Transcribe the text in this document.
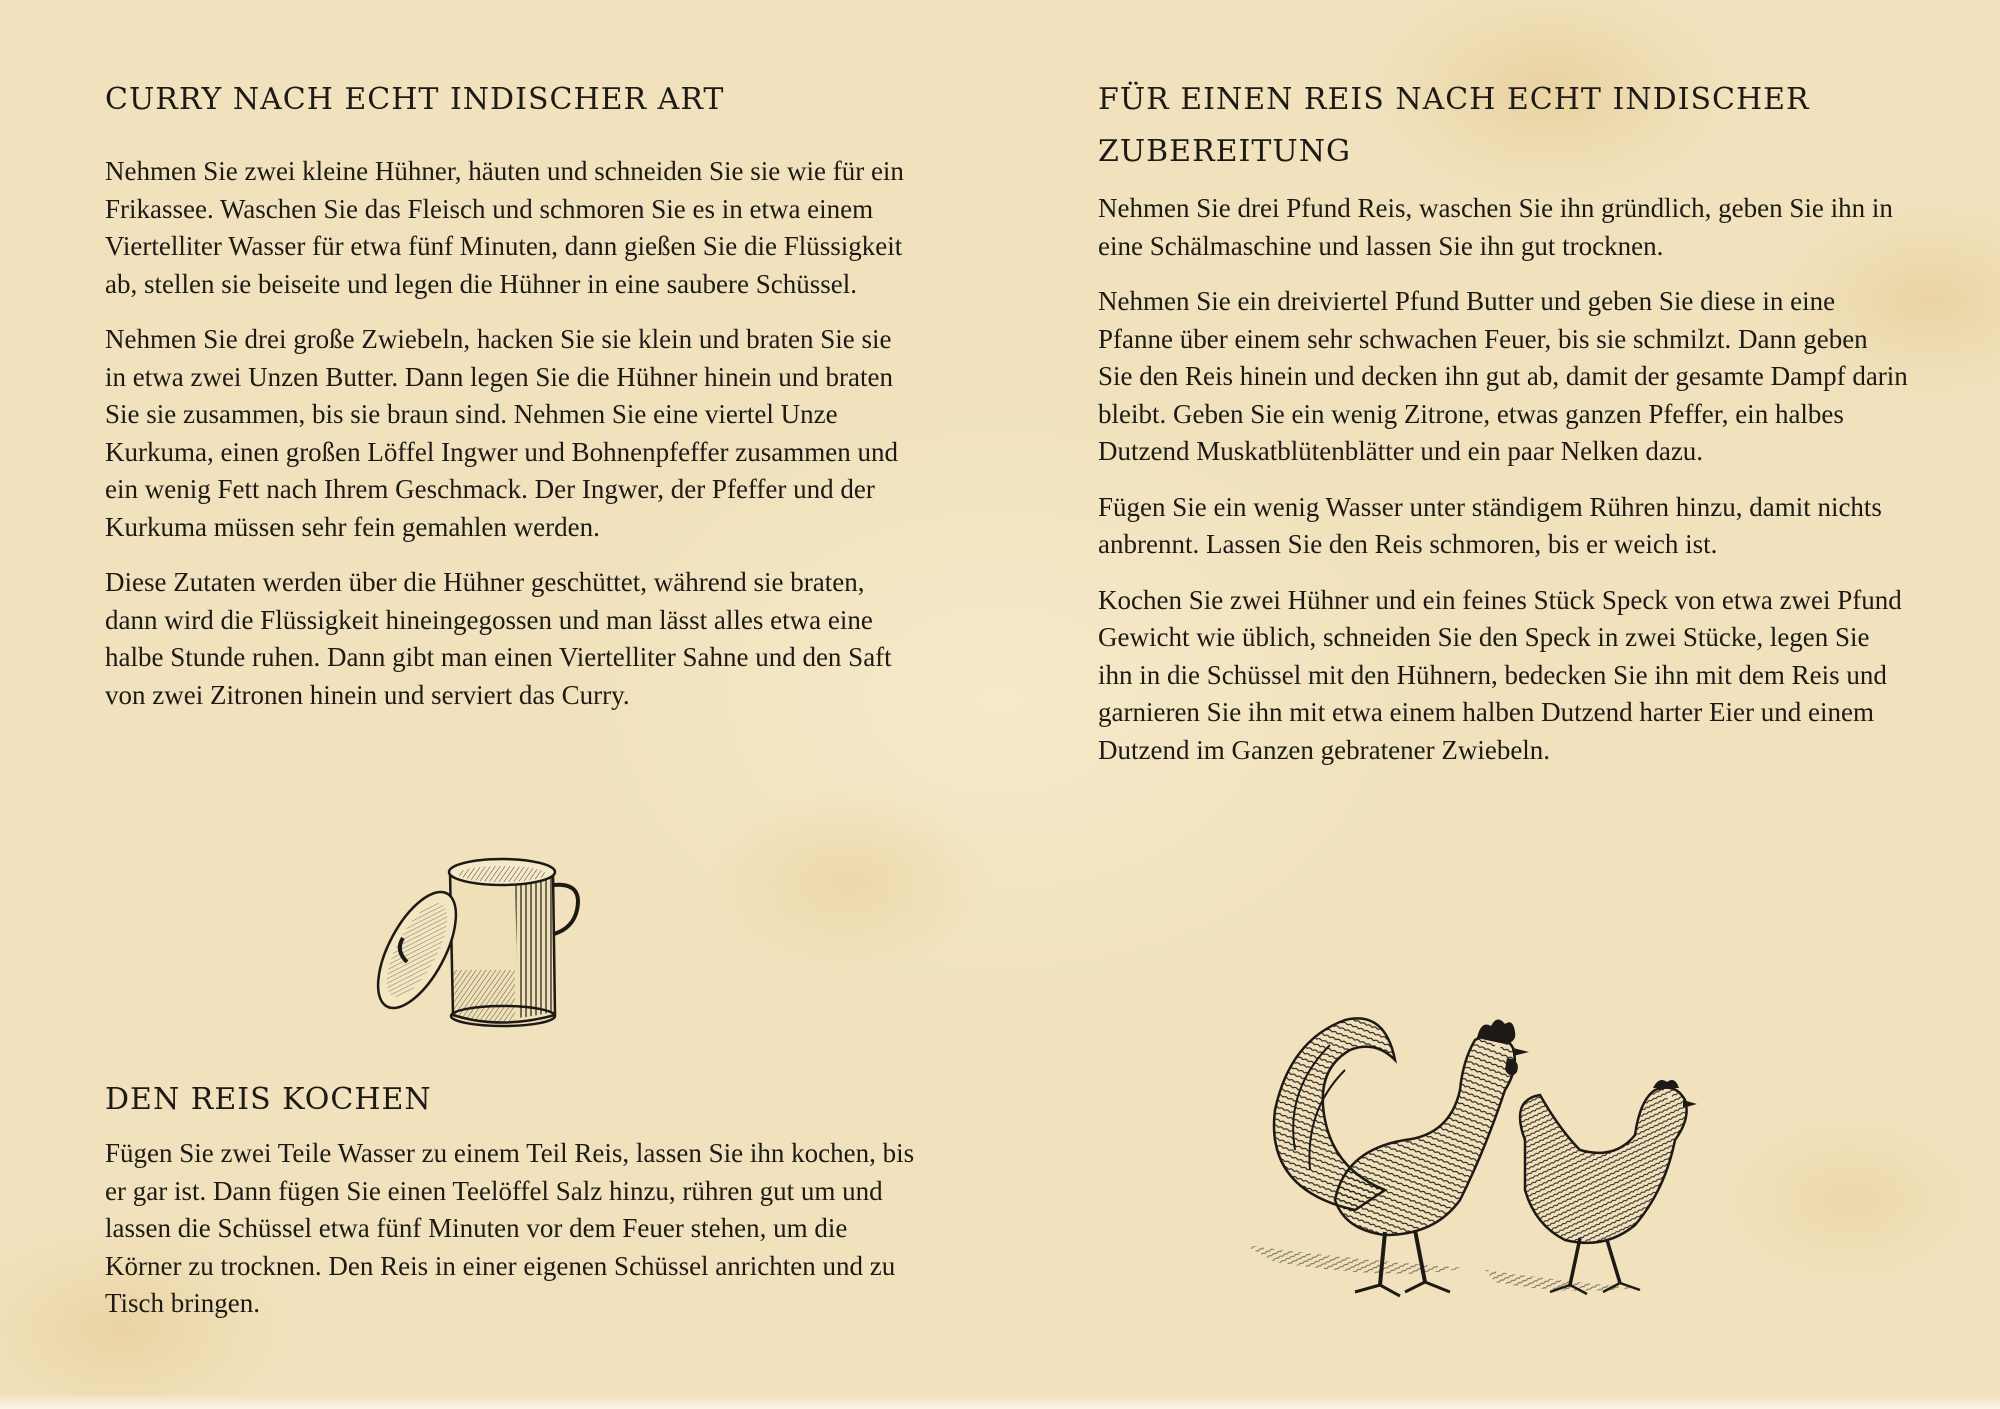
CURRY NACH ECHT INDISCHER ART

Nehmen Sie zwei kleine Hühner, häuten und schneiden Sie sie wie für ein Frikassee. Waschen Sie das Fleisch und schmoren Sie es in etwa einem Viertelliter Wasser für etwa fünf Minuten, dann gießen Sie die Flüssigkeit ab, stellen sie beiseite und legen die Hühner in eine saubere Schüssel.

Nehmen Sie drei große Zwiebeln, hacken Sie sie klein und braten Sie sie in etwa zwei Unzen Butter. Dann legen Sie die Hühner hinein und braten Sie sie zusammen, bis sie braun sind. Nehmen Sie eine viertel Unze Kurkuma, einen großen Löffel Ingwer und Bohnenpfeffer zusammen und ein wenig Fett nach Ihrem Geschmack. Der Ingwer, der Pfeffer und der Kurkuma müssen sehr fein gemahlen werden.

Diese Zutaten werden über die Hühner geschüttet, während sie braten, dann wird die Flüssigkeit hineingegossen und man lässt alles etwa eine halbe Stunde ruhen. Dann gibt man einen Viertelliter Sahne und den Saft von zwei Zitronen hinein und serviert das Curry.

DEN REIS KOCHEN

Fügen Sie zwei Teile Wasser zu einem Teil Reis, lassen Sie ihn kochen, bis er gar ist. Dann fügen Sie einen Teelöffel Salz hinzu, rühren gut um und lassen die Schüssel etwa fünf Minuten vor dem Feuer stehen, um die Körner zu trocknen. Den Reis in einer eigenen Schüssel anrichten und zu Tisch bringen.

FÜR EINEN REIS NACH ECHT INDISCHER
ZUBEREITUNG

Nehmen Sie drei Pfund Reis, waschen Sie ihn gründlich, geben Sie ihn in eine Schälmaschine und lassen Sie ihn gut trocknen.

Nehmen Sie ein dreiviertel Pfund Butter und geben Sie diese in eine Pfanne über einem sehr schwachen Feuer, bis sie schmilzt. Dann geben Sie den Reis hinein und decken ihn gut ab, damit der gesamte Dampf darin bleibt. Geben Sie ein wenig Zitrone, etwas ganzen Pfeffer, ein halbes Dutzend Muskatblütenblätter und ein paar Nelken dazu.

Fügen Sie ein wenig Wasser unter ständigem Rühren hinzu, damit nichts anbrennt. Lassen Sie den Reis schmoren, bis er weich ist.

Kochen Sie zwei Hühner und ein feines Stück Speck von etwa zwei Pfund Gewicht wie üblich, schneiden Sie den Speck in zwei Stücke, legen Sie ihn in die Schüssel mit den Hühnern, bedecken Sie ihn mit dem Reis und garnieren Sie ihn mit etwa einem halben Dutzend harter Eier und einem Dutzend im Ganzen gebratener Zwiebeln.
